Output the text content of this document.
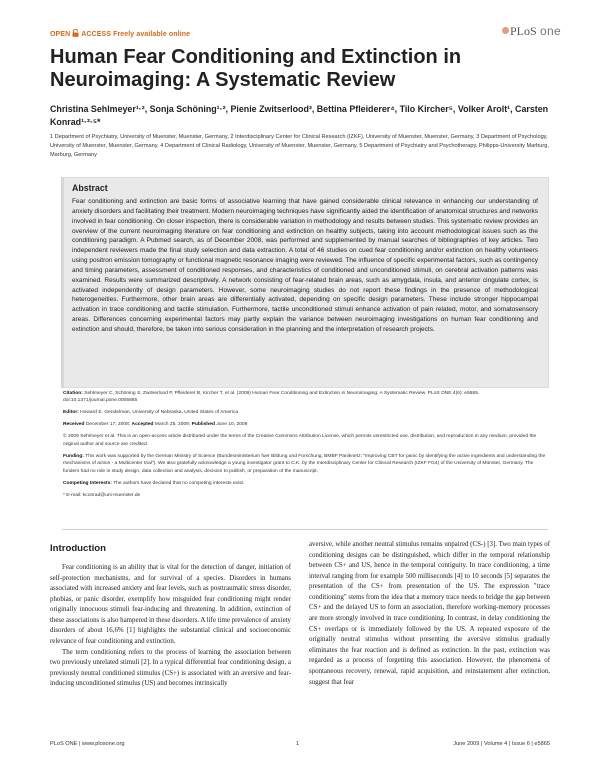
OPEN ACCESS Freely available online	PLoS one
Human Fear Conditioning and Extinction in Neuroimaging: A Systematic Review
Christina Sehlmeyer¹·², Sonja Schöning¹·², Pienie Zwitserlood³, Bettina Pfleiderer⁴, Tilo Kircher⁵, Volker Arolt¹, Carsten Konrad¹·²·⁵*
1 Department of Psychiatry, University of Muenster, Muenster, Germany, 2 Interdisciplinary Center for Clinical Research (IZKF), University of Muenster, Muenster, Germany, 3 Department of Psychology, University of Muenster, Muenster, Germany, 4 Department of Clinical Radiology, University of Muenster, Muenster, Germany, 5 Department of Psychiatry and Psychotherapy, Philipps-University Marburg, Marburg, Germany
Abstract
Fear conditioning and extinction are basic forms of associative learning that have gained considerable clinical relevance in enhancing our understanding of anxiety disorders and facilitating their treatment. Modern neuroimaging techniques have significantly aided the identification of anatomical structures and networks involved in fear conditioning. On closer inspection, there is considerable variation in methodology and results between studies. This systematic review provides an overview of the current neuroimaging literature on fear conditioning and extinction on healthy subjects, taking into account methodological issues such as the conditioning paradigm. A Pubmed search, as of December 2008, was performed and supplemented by manual searches of bibliographies of key articles. Two independent reviewers made the final study selection and data extraction. A total of 46 studies on cued fear conditioning and/or extinction on healthy volunteers using positron emission tomography or functional magnetic resonance imaging were reviewed. The influence of specific experimental factors, such as contingency and timing parameters, assessment of conditioned responses, and characteristics of conditioned and unconditioned stimuli, on cerebral activation patterns was examined. Results were summarized descriptively. A network consisting of fear-related brain areas, such as amygdala, insula, and anterior cingulate cortex, is activated independently of design parameters. However, some neuroimaging studies do not report these findings in the presence of methodological heterogeneities. Furthermore, other brain areas are differentially activated, depending on specific design parameters. These include stronger hippocampal activation in trace conditioning and tactile stimulation. Furthermore, tactile unconditioned stimuli enhance activation of pain related, motor, and somatosensory areas. Differences concerning experimental factors may partly explain the variance between neuroimaging investigations on human fear conditioning and extinction and should, therefore, be taken into serious consideration in the planning and the interpretation of research projects.

Citation: Sehlmeyer C, Schöning S, Zwitserlood P, Pfleiderer B, Kircher T, et al. (2009) Human Fear Conditioning and Extinction in Neuroimaging: A Systematic Review. PLoS ONE 4(6): e5865. doi:10.1371/journal.pone.0005865

Editor: Howard E. Gendelman, University of Nebraska, United States of America

Received December 17, 2008; Accepted March 25, 2009; Published June 10, 2009

© 2009 Sehlmeyer et al. This is an open-access article distributed under the terms of the Creative Commons Attribution License, which permits unrestricted use, distribution, and reproduction in any medium, provided the original author and source are credited.

Funding: This work was supported by the German Ministry of Science (Bundesministerium fuer Bildung und Forschung, BMBF Paniknetz; "Improving CBT for panic by identifying the active ingredients and understanding the mechanisms of action - a Multicenter trial"). We also gratefully acknowledge a young investigator grant to C.K. by the Interdisciplinary Center for Clinical Research (IZKF FG4) of the University of Münster, Germany. The funders had no role in study design, data collection and analysis, decision to publish, or preparation of the manuscript.

Competing Interests: The authors have declared that no competing interests exist.

* E-mail: kconrad@uni-muenster.de

Introduction

Fear conditioning is an ability that is vital for the detection of danger, initiation of self-protection mechanisms, and for survival of a species. Disorders in humans associated with increased anxiety and fear levels, such as posttraumatic stress disorder, phobias, or panic disorder, exemplify how misguided fear conditioning might render originally innocuous stimuli fear-inducing and threatening. In addition, extinction of these associations is also hampered in these disorders. A life time prevalence of anxiety disorders of about 16,6% [1] highlights the substantial clinical and socioeconomic relevance of fear conditioning and extinction.

The term conditioning refers to the process of learning the association between two previously unrelated stimuli [2]. In a typical differential fear conditioning design, a previously neutral conditioned stimulus (CS+) is associated with an aversive and fear-inducing unconditioned stimulus (US) and becomes intrinsically

aversive, while another neutral stimulus remains unpaired (CS-) [3]. Two main types of conditioning designs can be distinguished, which differ in the temporal relationship between CS+ and US, hence in the temporal contiguity. In trace conditioning, a time interval ranging from for example 500 milliseconds [4] to 10 seconds [5] separates the presentation of the CS+ from presentation of the US. The expression "trace conditioning" stems from the idea that a memory trace needs to bridge the gap between CS+ and the delayed US to form an association, therefore working-memory processes are more strongly involved in trace conditioning. In contrast, in delay conditioning the CS+ overlaps or is immediately followed by the US. A repeated exposure of the originally neutral stimulus without presenting the aversive stimulus gradually eliminates the fear reaction and is defined as extinction. In the past, extinction was regarded as a process of forgetting this association. However, the phenomena of spontaneous recovery, renewal, rapid acquisition, and reinstatement after extinction, suggest that fear

PLoS ONE | www.plosone.org	1	June 2009 | Volume 4 | Issue 6 | e5865
